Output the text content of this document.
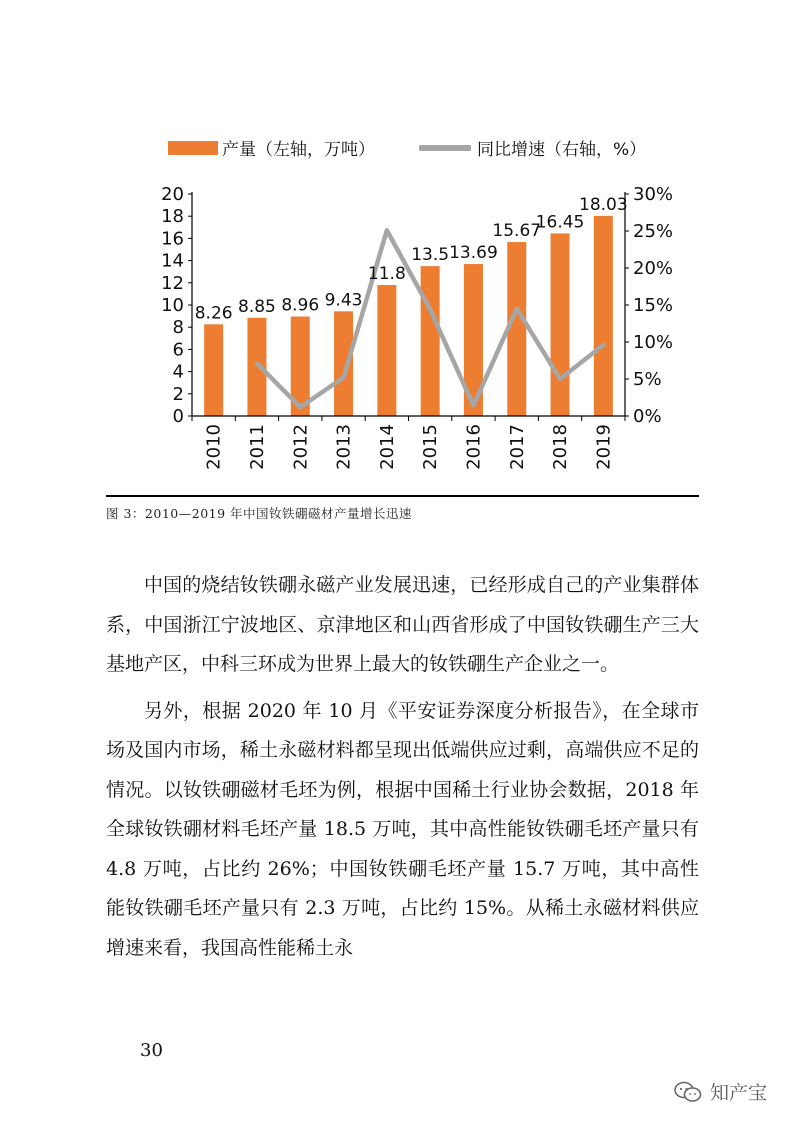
8.26 8.85 8.96 9.43
11.8
13.5 13.69
15.67
16.45
18.03
0
2
4
6
8
10
12
14
16
18
20
0%
5%
10%
15%
20%
25%
30%
2010 2011 2012 2013 2014 2015 2016 2017 2018 2019
产量（左轴，万吨）	同比增速（右轴，%）
图 3：2010—2019 年中国钕铁硼磁材产量增长迅速

中国的烧结钕铁硼永磁产业发展迅速，已经形成自己的产业集群体系，中国浙江宁波地区、京津地区和山西省形成了中国钕铁硼生产三大基地产区，中科三环成为世界上最大的钕铁硼生产企业之一。

另外，根据 2020 年 10 月《平安证券深度分析报告》，在全球市场及国内市场，稀土永磁材料都呈现出低端供应过剩，高端供应不足的情况。以钕铁硼磁材毛坯为例，根据中国稀土行业协会数据，2018 年全球钕铁硼材料毛坯产量 18.5 万吨，其中高性能钕铁硼毛坯产量只有 4.8 万吨，占比约 26%；中国钕铁硼毛坯产量 15.7 万吨，其中高性 能钕铁硼毛坯产量只有 2.3 万吨，占比约 15%。从稀土永磁材料供应增速来看，我国高性能稀土永

30
知产宝
